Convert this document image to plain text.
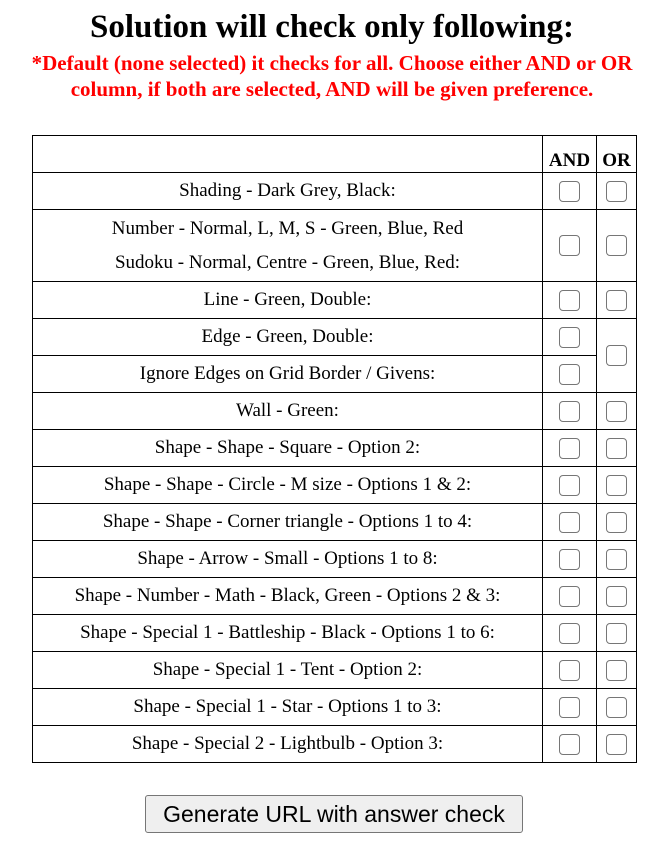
Solution will check only following:
*Default (none selected) it checks for all. Choose either AND or OR column, if both are selected, AND will be given preference.
	AND	OR
Shading - Dark Grey, Black:		

Number - Normal, L, M, S - Green, Blue, Red
Sudoku - Normal, Centre - Green, Blue, Red:		

Line - Green, Double:		
Edge - Green, Double:		
Ignore Edges on Grid Border / Givens:		
Wall - Green:		
Shape - Shape - Square - Option 2:		
Shape - Shape - Circle - M size - Options 1 & 2:		
Shape - Shape - Corner triangle - Options 1 to 4:		
Shape - Arrow - Small - Options 1 to 8:		
Shape - Number - Math - Black, Green - Options 2 & 3:		
Shape - Special 1 - Battleship - Black - Options 1 to 6:		
Shape - Special 1 - Tent - Option 2:		
Shape - Special 1 - Star - Options 1 to 3:		
Shape - Special 2 - Lightbulb - Option 3:		
Generate URL with answer check
